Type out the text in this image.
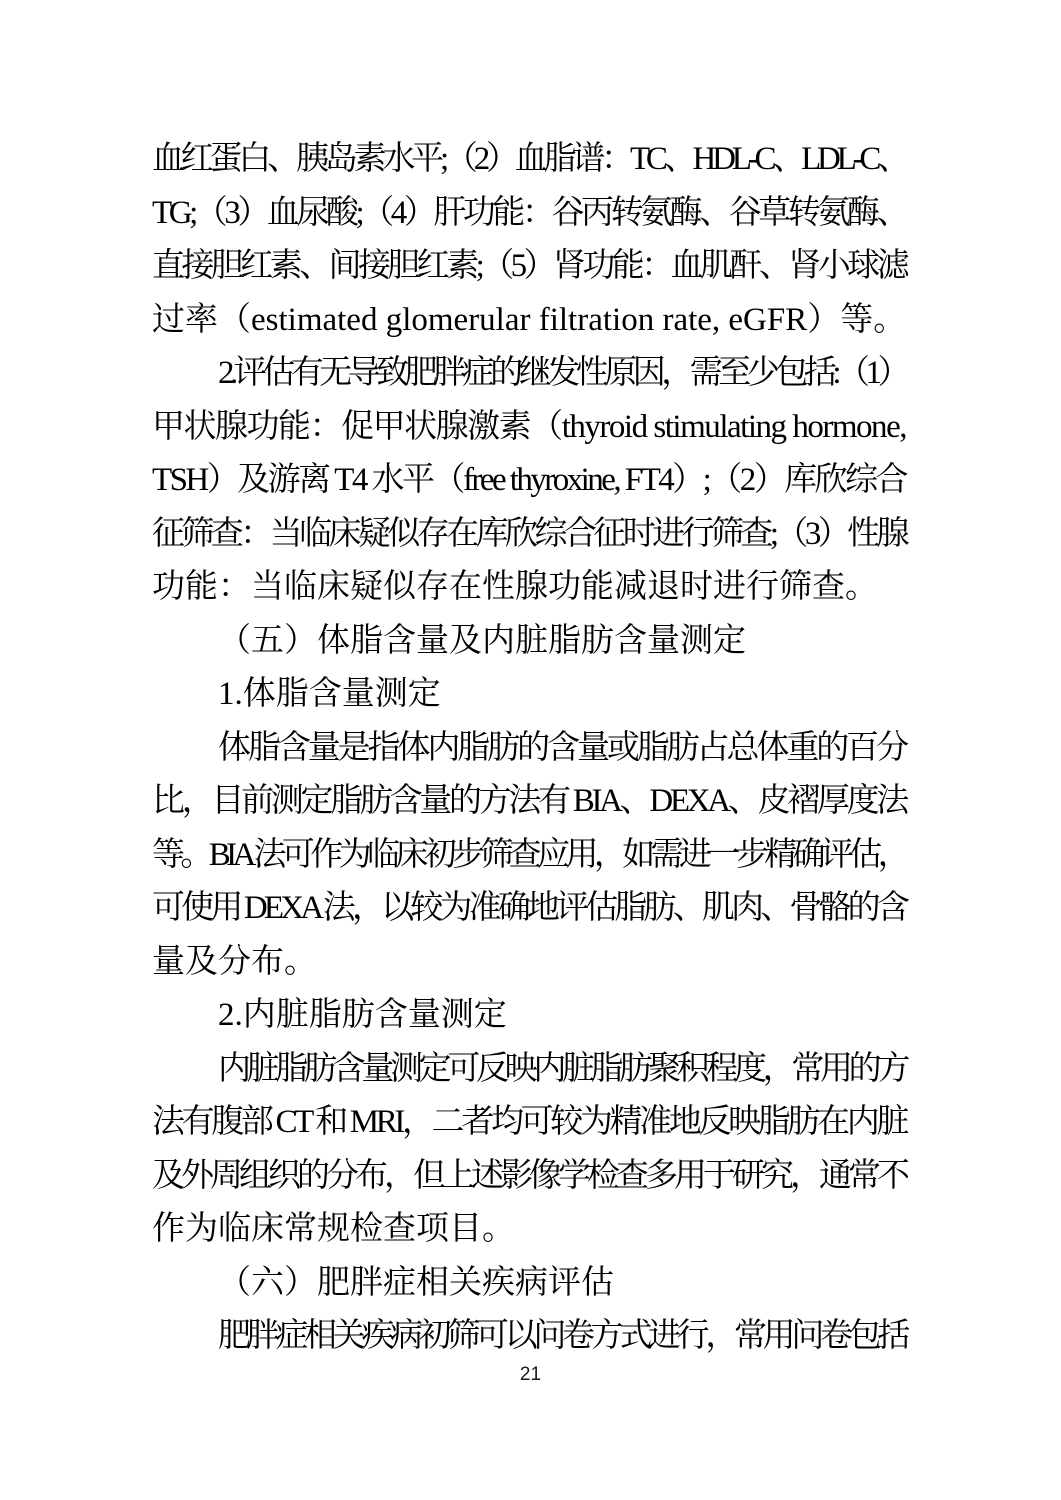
血红蛋白、胰岛素水平;（2）血脂谱：TC、HDL-C、LDL-C、
TG;（3）血尿酸;（4）肝功能：谷丙转氨酶、谷草转氨酶、
直接胆红素、间接胆红素;（5）肾功能：血肌酐、肾小球滤
过率（estimated glomerular filtration rate, eGFR）等。
2.评估有无导致肥胖症的继发性原因，需至少包括:（1）
甲状腺功能：促甲状腺激素（thyroid stimulating hormone,
TSH）及游离 T4 水平（free thyroxine, FT4）;（2）库欣综合
征筛查：当临床疑似存在库欣综合征时进行筛查;（3）性腺
功能：当临床疑似存在性腺功能减退时进行筛查。
（五）体脂含量及内脏脂肪含量测定
1.体脂含量测定
体脂含量是指体内脂肪的含量或脂肪占总体重的百分
比，目前测定脂肪含量的方法有 BIA、DEXA、皮褶厚度法
等。BIA 法可作为临床初步筛查应用，如需进一步精确评估，
可使用 DEXA 法，以较为准确地评估脂肪、肌肉、骨骼的含
量及分布。
2.内脏脂肪含量测定
内脏脂肪含量测定可反映内脏脂肪聚积程度，常用的方
法有腹部 CT 和 MRI，二者均可较为精准地反映脂肪在内脏
及外周组织的分布，但上述影像学检查多用于研究，通常不
作为临床常规检查项目。
（六）肥胖症相关疾病评估
肥胖症相关疾病初筛可以问卷方式进行，常用问卷包括
21
